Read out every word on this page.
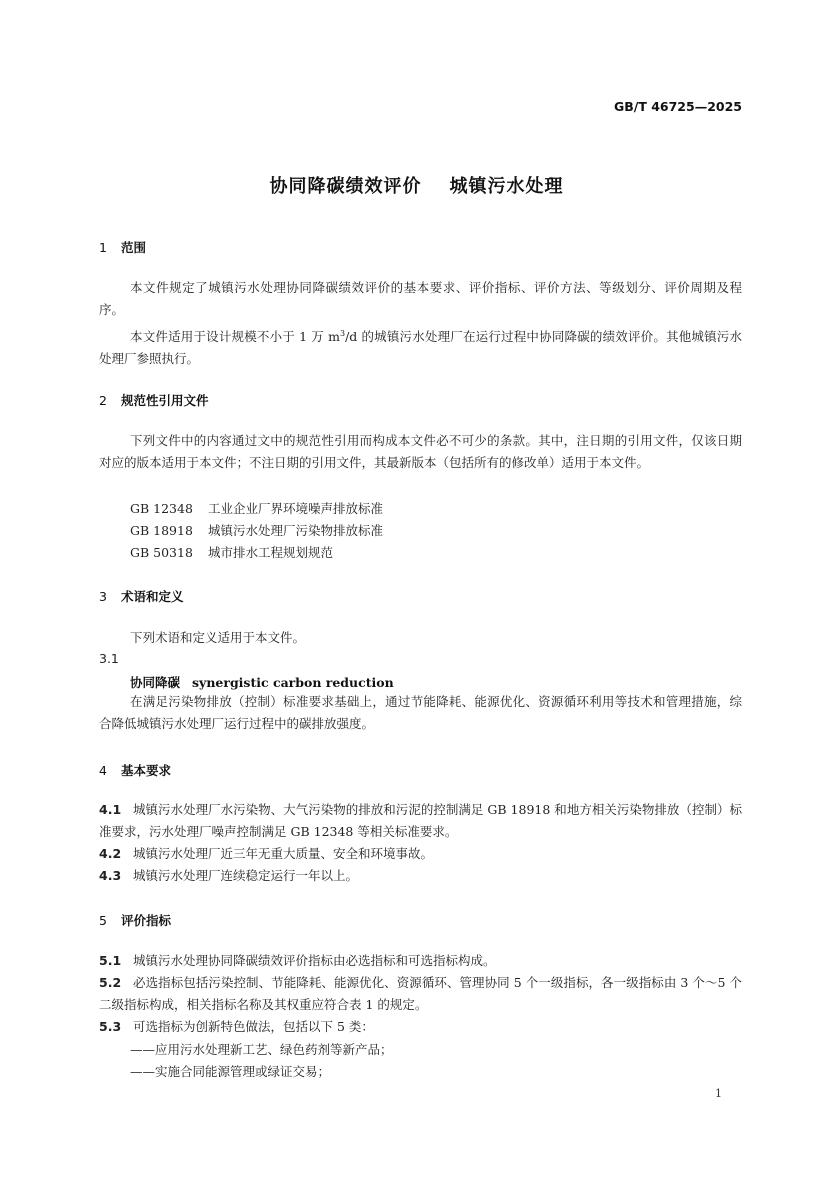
GB/T 46725—2025
协同降碳绩效评价 城镇污水处理
1 范围
本文件规定了城镇污水处理协同降碳绩效评价的基本要求、评价指标、评价方法、等级划分、评价周期及程序。
本文件适用于设计规模不小于 1 万 $m^3/d$ 的城镇污水处理厂在运行过程中协同降碳的绩效评价。其他城镇污水处理厂参照执行。
2 规范性引用文件
下列文件中的内容通过文中的规范性引用而构成本文件必不可少的条款。其中，注日期的引用文件，仅该日期对应的版本适用于本文件；不注日期的引用文件，其最新版本（包括所有的修改单）适用于本文件。
GB 12348 工业企业厂界环境噪声排放标准
GB 18918 城镇污水处理厂污染物排放标准
GB 50318 城市排水工程规划规范
3 术语和定义
下列术语和定义适用于本文件。
3.1
协同降碳 synergistic carbon reduction
在满足污染物排放（控制）标准要求基础上，通过节能降耗、能源优化、资源循环利用等技术和管理措施，综合降低城镇污水处理厂运行过程中的碳排放强度。
4 基本要求
4.1 城镇污水处理厂水污染物、大气污染物的排放和污泥的控制满足 GB 18918 和地方相关污染物排放（控制）标准要求，污水处理厂噪声控制满足 GB 12348 等相关标准要求。
4.2 城镇污水处理厂近三年无重大质量、安全和环境事故。
4.3 城镇污水处理厂连续稳定运行一年以上。
5 评价指标
5.1 城镇污水处理协同降碳绩效评价指标由必选指标和可选指标构成。
5.2 必选指标包括污染控制、节能降耗、能源优化、资源循环、管理协同 5 个一级指标，各一级指标由 3 个～5 个二级指标构成，相关指标名称及其权重应符合表 1 的规定。
5.3 可选指标为创新特色做法，包括以下 5 类：
——应用污水处理新工艺、绿色药剂等新产品；
——实施合同能源管理或绿证交易；
1
